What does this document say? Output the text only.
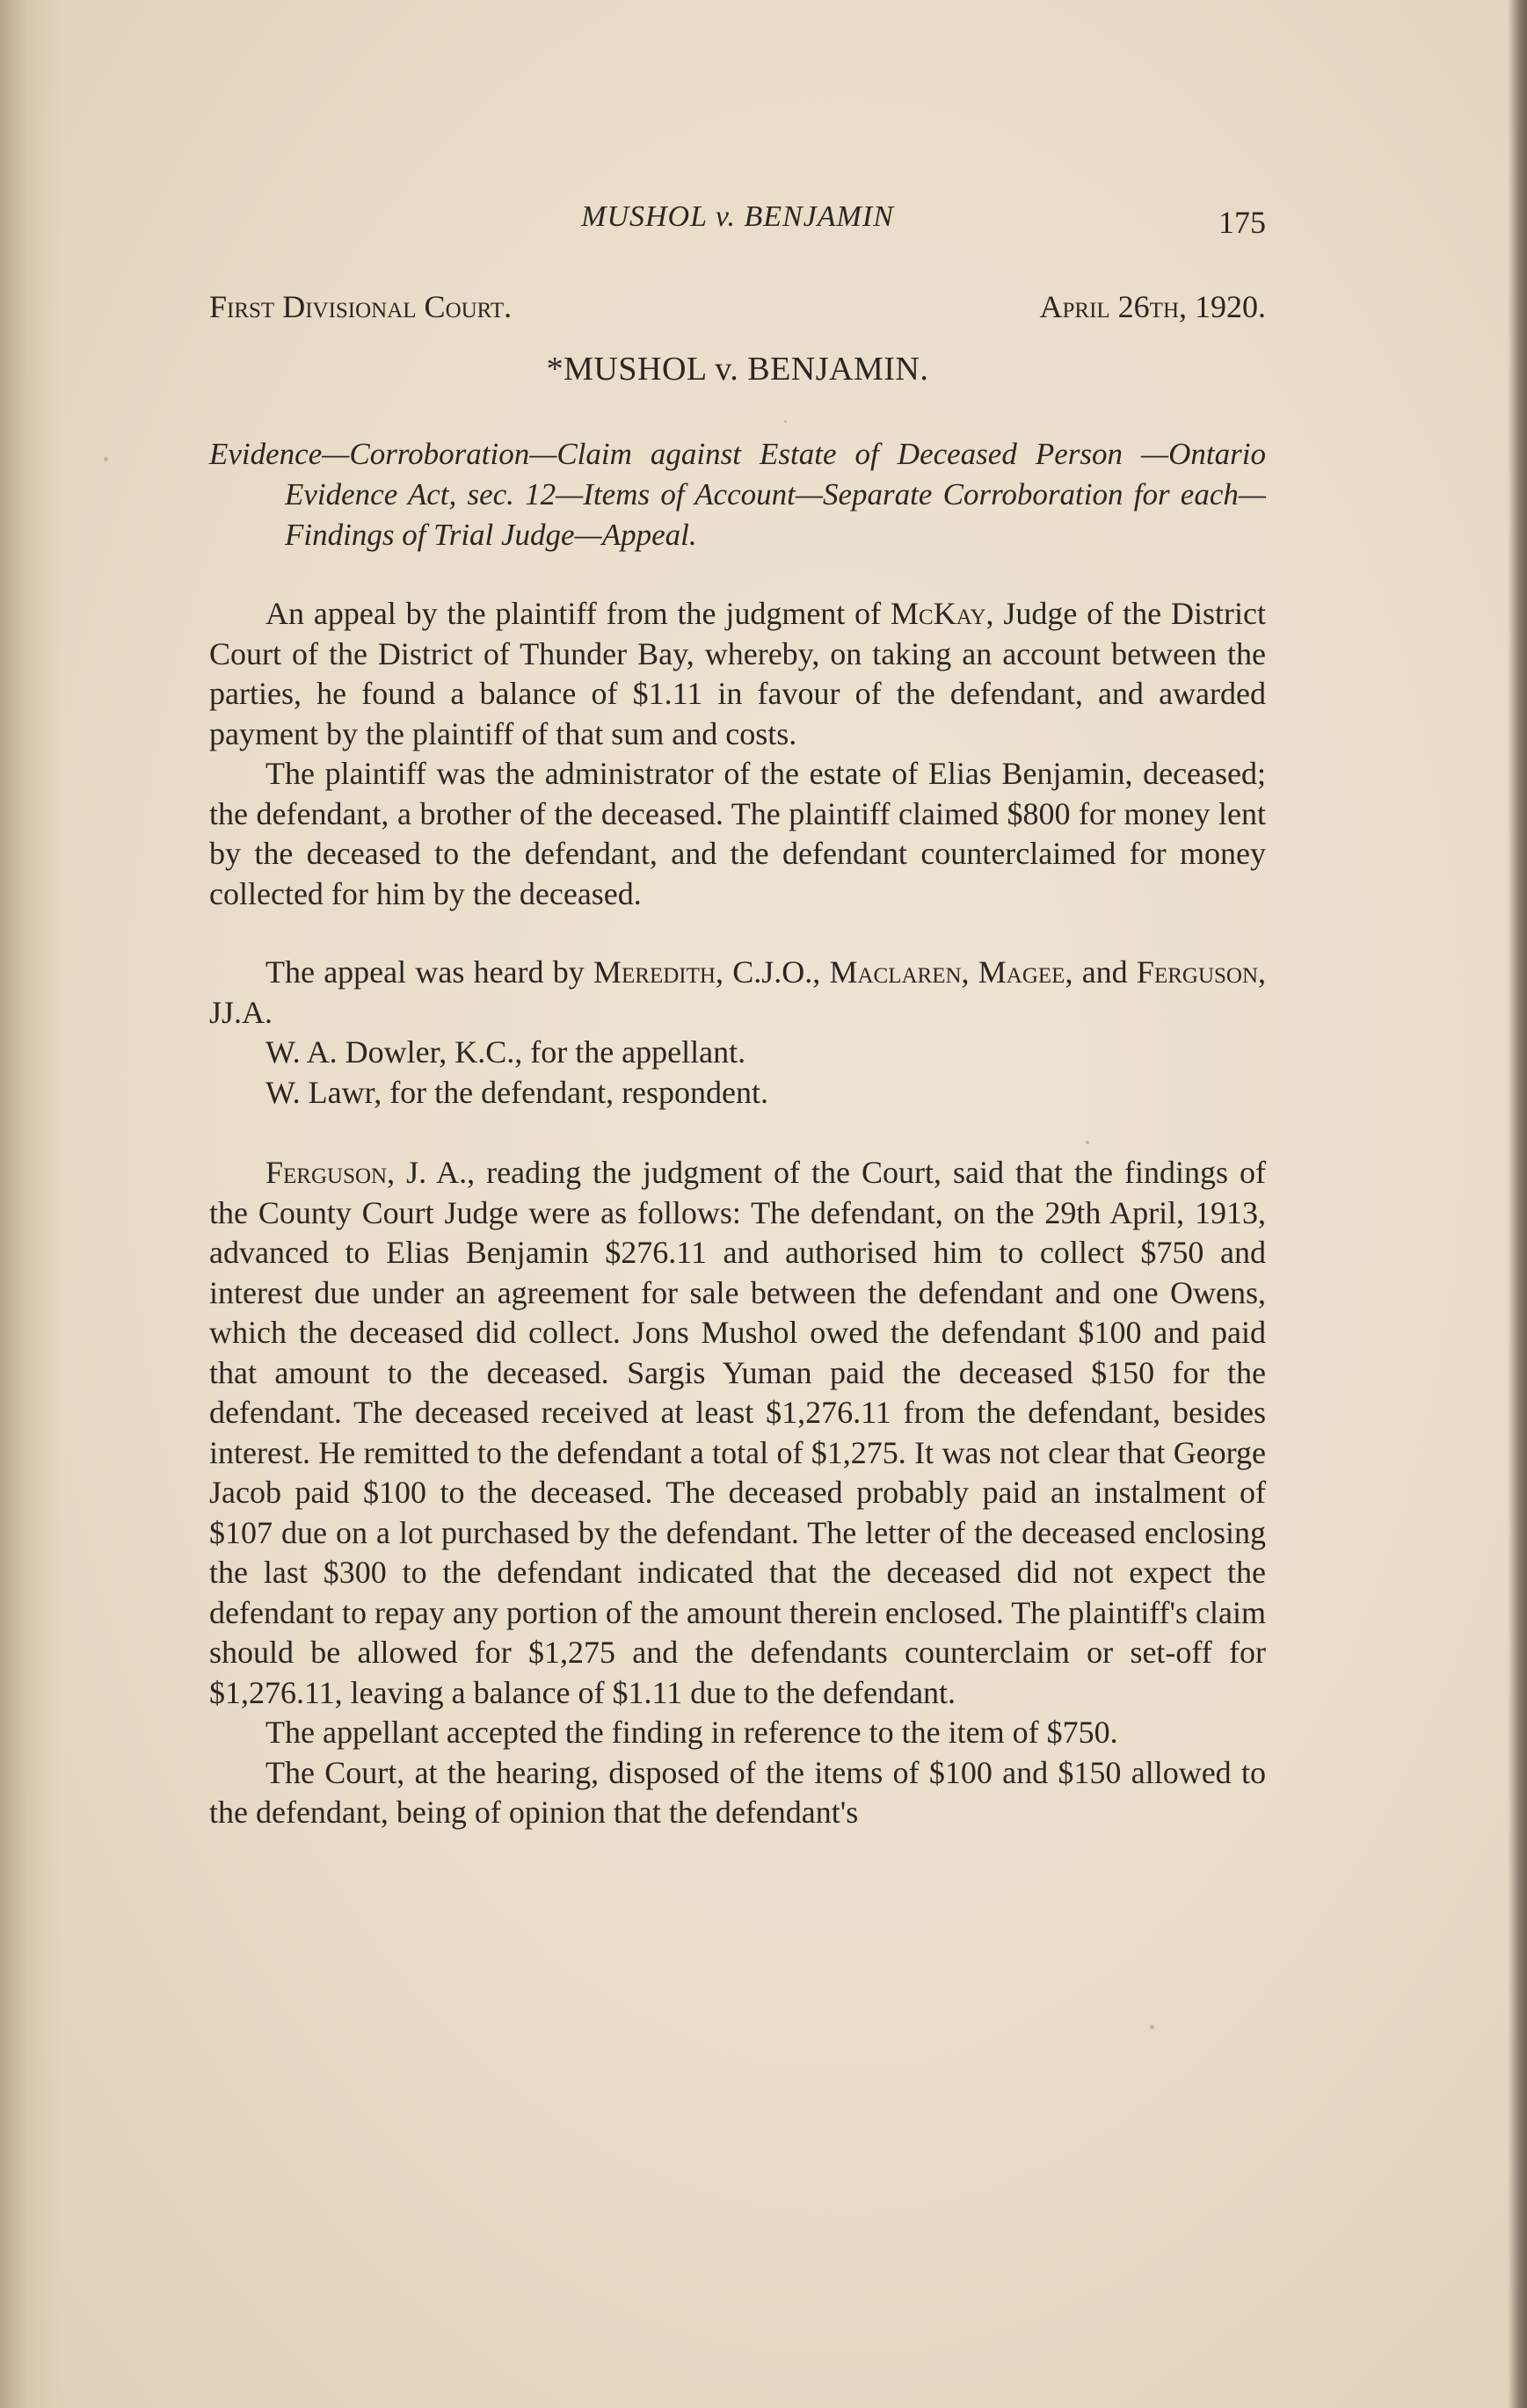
MUSHOL v. BENJAMIN	175
First Divisional Court.	April 26th, 1920.
*MUSHOL v. BENJAMIN.

Evidence—Corroboration—Claim against Estate of Deceased Person —Ontario Evidence Act, sec. 12—Items of Account—Separate Corroboration for each—Findings of Trial Judge—Appeal.

An appeal by the plaintiff from the judgment of McKay, Judge of the District Court of the District of Thunder Bay, whereby, on taking an account between the parties, he found a balance of $1.11 in favour of the defendant, and awarded payment by the plaintiff of that sum and costs.

The plaintiff was the administrator of the estate of Elias Benjamin, deceased; the defendant, a brother of the deceased. The plaintiff claimed $800 for money lent by the deceased to the defendant, and the defendant counterclaimed for money collected for him by the deceased.

The appeal was heard by Meredith, C.J.O., Maclaren, Magee, and Ferguson, JJ.A.

W. A. Dowler, K.C., for the appellant.

W. Lawr, for the defendant, respondent.

Ferguson, J. A., reading the judgment of the Court, said that the findings of the County Court Judge were as follows: The defendant, on the 29th April, 1913, advanced to Elias Benjamin $276.11 and authorised him to collect $750 and interest due under an agreement for sale between the defendant and one Owens, which the deceased did collect. Jons Mushol owed the defendant $100 and paid that amount to the deceased. Sargis Yuman paid the deceased $150 for the defendant. The deceased received at least $1,276.11 from the defendant, besides interest. He remitted to the defendant a total of $1,275. It was not clear that George Jacob paid $100 to the deceased. The deceased probably paid an instalment of $107 due on a lot purchased by the defendant. The letter of the deceased enclosing the last $300 to the defendant indicated that the deceased did not expect the defendant to repay any portion of the amount therein enclosed. The plaintiff's claim should be allowed for $1,275 and the defendants counterclaim or set-off for $1,276.11, leaving a balance of $1.11 due to the defendant.

The appellant accepted the finding in reference to the item of $750.

The Court, at the hearing, disposed of the items of $100 and $150 allowed to the defendant, being of opinion that the defendant's
